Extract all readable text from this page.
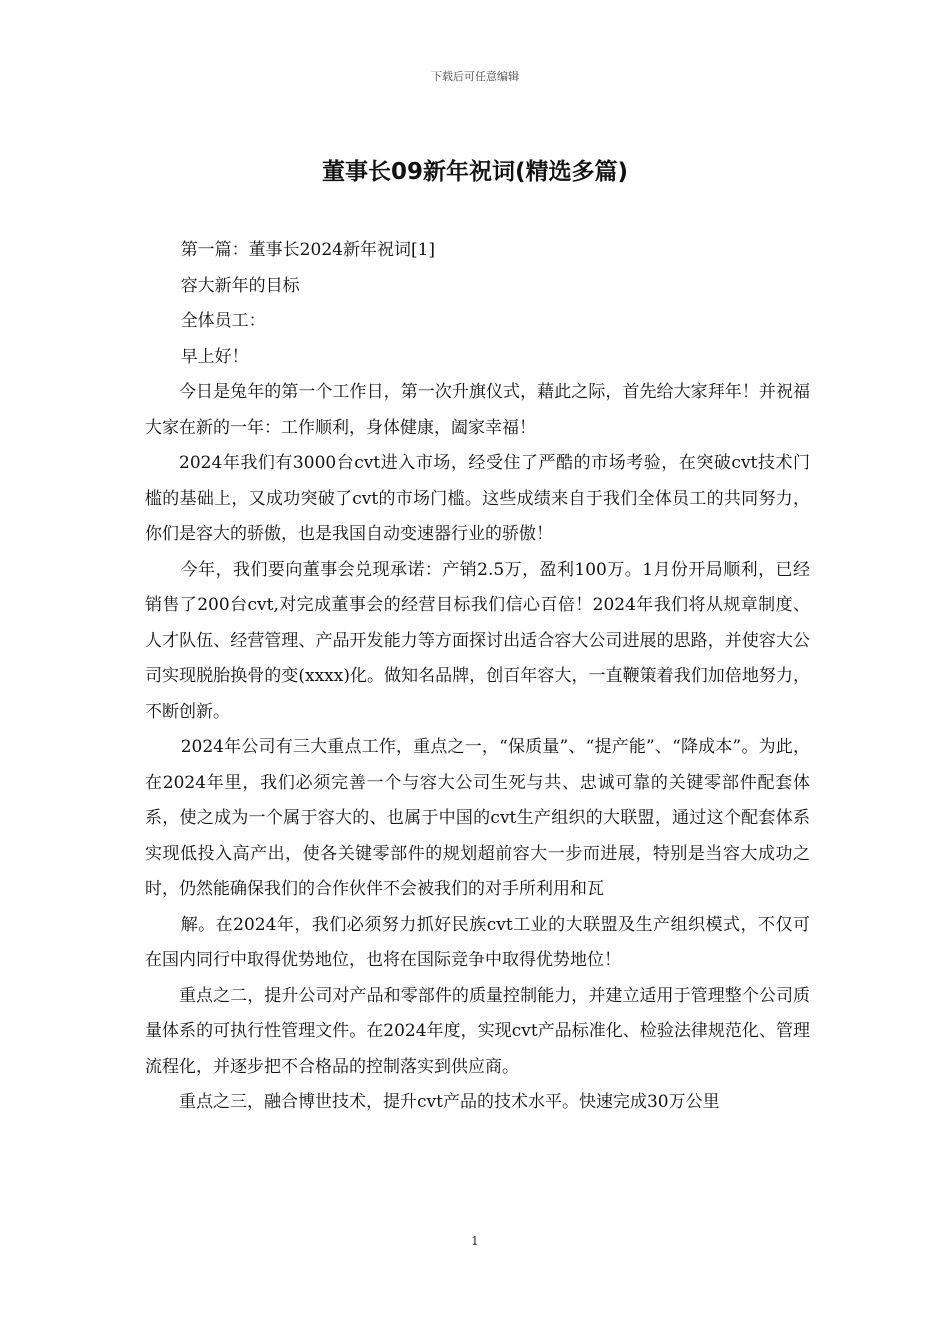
下载后可任意编辑
董事长09新年祝词(精选多篇)

第一篇：董事长2024新年祝词[1]

容大新年的目标

全体员工：

早上好！

今日是兔年的第一个工作日，第一次升旗仪式，藉此之际，首先给大家拜年！并祝福大家在新的一年：工作顺利，身体健康，阖家幸福！

2024年我们有3000台cvt进入市场，经受住了严酷的市场考验，在突破cvt技术门槛的基础上，又成功突破了cvt的市场门槛。这些成绩来自于我们全体员工的共同努力，你们是容大的骄傲，也是我国自动变速器行业的骄傲！

今年，我们要向董事会兑现承诺：产销2.5万，盈利100万。1月份开局顺利，已经销售了200台cvt,对完成董事会的经营目标我们信心百倍！2024年我们将从规章制度、人才队伍、经营管理、产品开发能力等方面探讨出适合容大公司进展的思路，并使容大公司实现脱胎换骨的变(xxxx)化。做知名品牌，创百年容大，一直鞭策着我们加倍地努力，不断创新。

2024年公司有三大重点工作，重点之一，“保质量”、“提产能”、“降成本”。为此，在2024年里，我们必须完善一个与容大公司生死与共、忠诚可靠的关键零部件配套体系，使之成为一个属于容大的、也属于中国的cvt生产组织的大联盟，通过这个配套体系实现低投入高产出，使各关键零部件的规划超前容大一步而进展，特别是当容大成功之时，仍然能确保我们的合作伙伴不会被我们的对手所利用和瓦

解。在2024年，我们必须努力抓好民族cvt工业的大联盟及生产组织模式，不仅可在国内同行中取得优势地位，也将在国际竞争中取得优势地位！

重点之二，提升公司对产品和零部件的质量控制能力，并建立适用于管理整个公司质量体系的可执行性管理文件。在2024年度，实现cvt产品标准化、检验法律规范化、管理流程化，并逐步把不合格品的控制落实到供应商。

重点之三，融合博世技术，提升cvt产品的技术水平。快速完成30万公里

1
